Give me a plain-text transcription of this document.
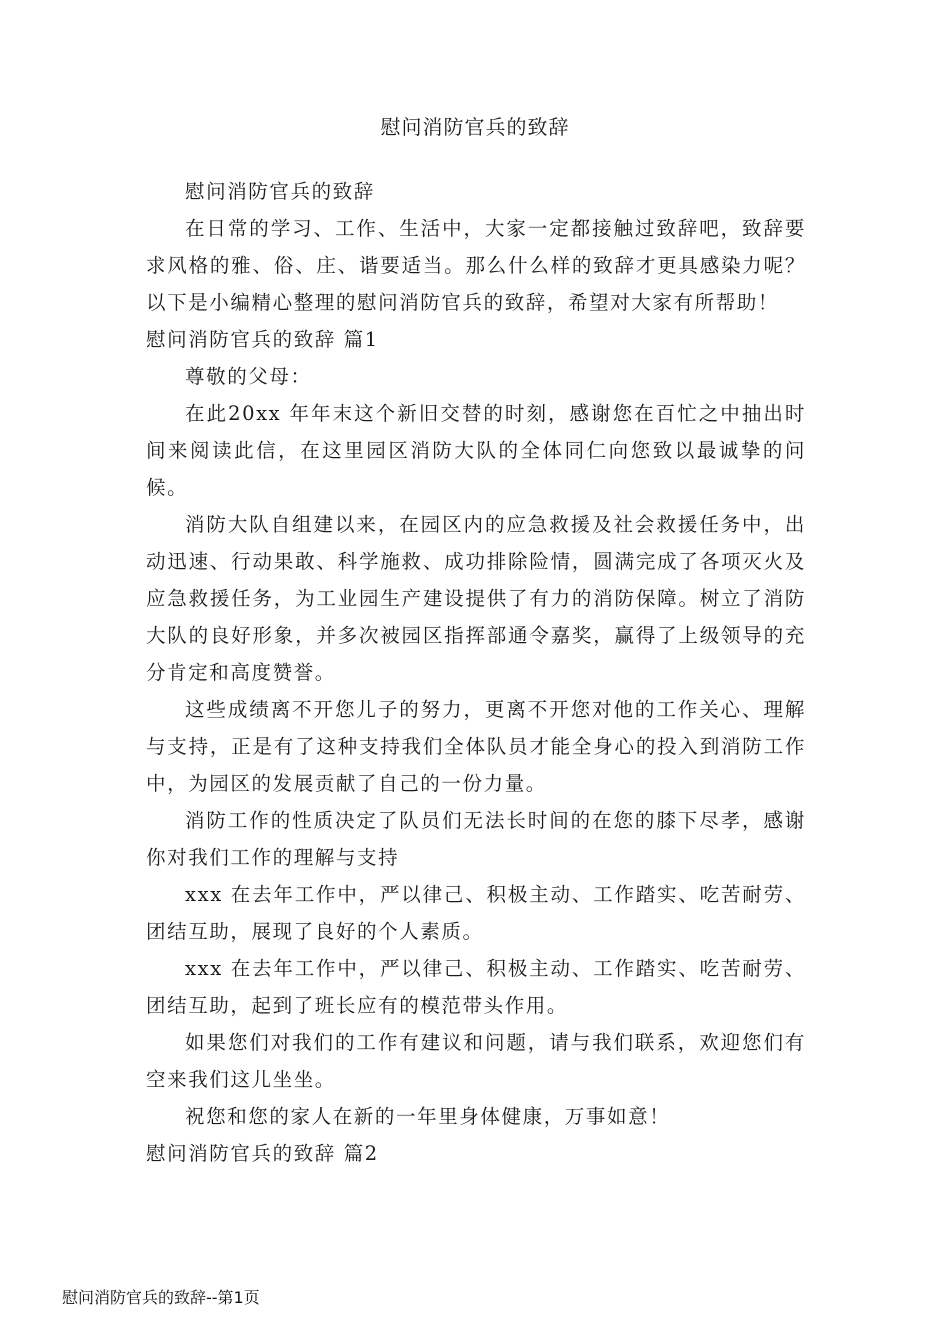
慰问消防官兵的致辞

慰问消防官兵的致辞

在日常的学习、工作、生活中，大家一定都接触过致辞吧，致辞要求风格的雅、俗、庄、谐要适当。那么什么样的致辞才更具感染力呢？以下是小编精心整理的慰问消防官兵的致辞，希望对大家有所帮助！

慰问消防官兵的致辞 篇1

尊敬的父母：

在此20xx 年年末这个新旧交替的时刻，感谢您在百忙之中抽出时间来阅读此信，在这里园区消防大队的全体同仁向您致以最诚挚的问候。

消防大队自组建以来，在园区内的应急救援及社会救援任务中，出动迅速、行动果敢、科学施救、成功排除险情，圆满完成了各项灭火及应急救援任务，为工业园生产建设提供了有力的消防保障。树立了消防大队的良好形象，并多次被园区指挥部通令嘉奖，赢得了上级领导的充分肯定和高度赞誉。

这些成绩离不开您儿子的努力，更离不开您对他的工作关心、理解与支持，正是有了这种支持我们全体队员才能全身心的投入到消防工作中，为园区的发展贡献了自己的一份力量。

消防工作的性质决定了队员们无法长时间的在您的膝下尽孝，感谢你对我们工作的理解与支持

xxx 在去年工作中，严以律己、积极主动、工作踏实、吃苦耐劳、团结互助，展现了良好的个人素质。

xxx 在去年工作中，严以律己、积极主动、工作踏实、吃苦耐劳、团结互助，起到了班长应有的模范带头作用。

如果您们对我们的工作有建议和问题，请与我们联系，欢迎您们有空来我们这儿坐坐。

祝您和您的家人在新的一年里身体健康，万事如意！

慰问消防官兵的致辞 篇2

慰问消防官兵的致辞--第1页
